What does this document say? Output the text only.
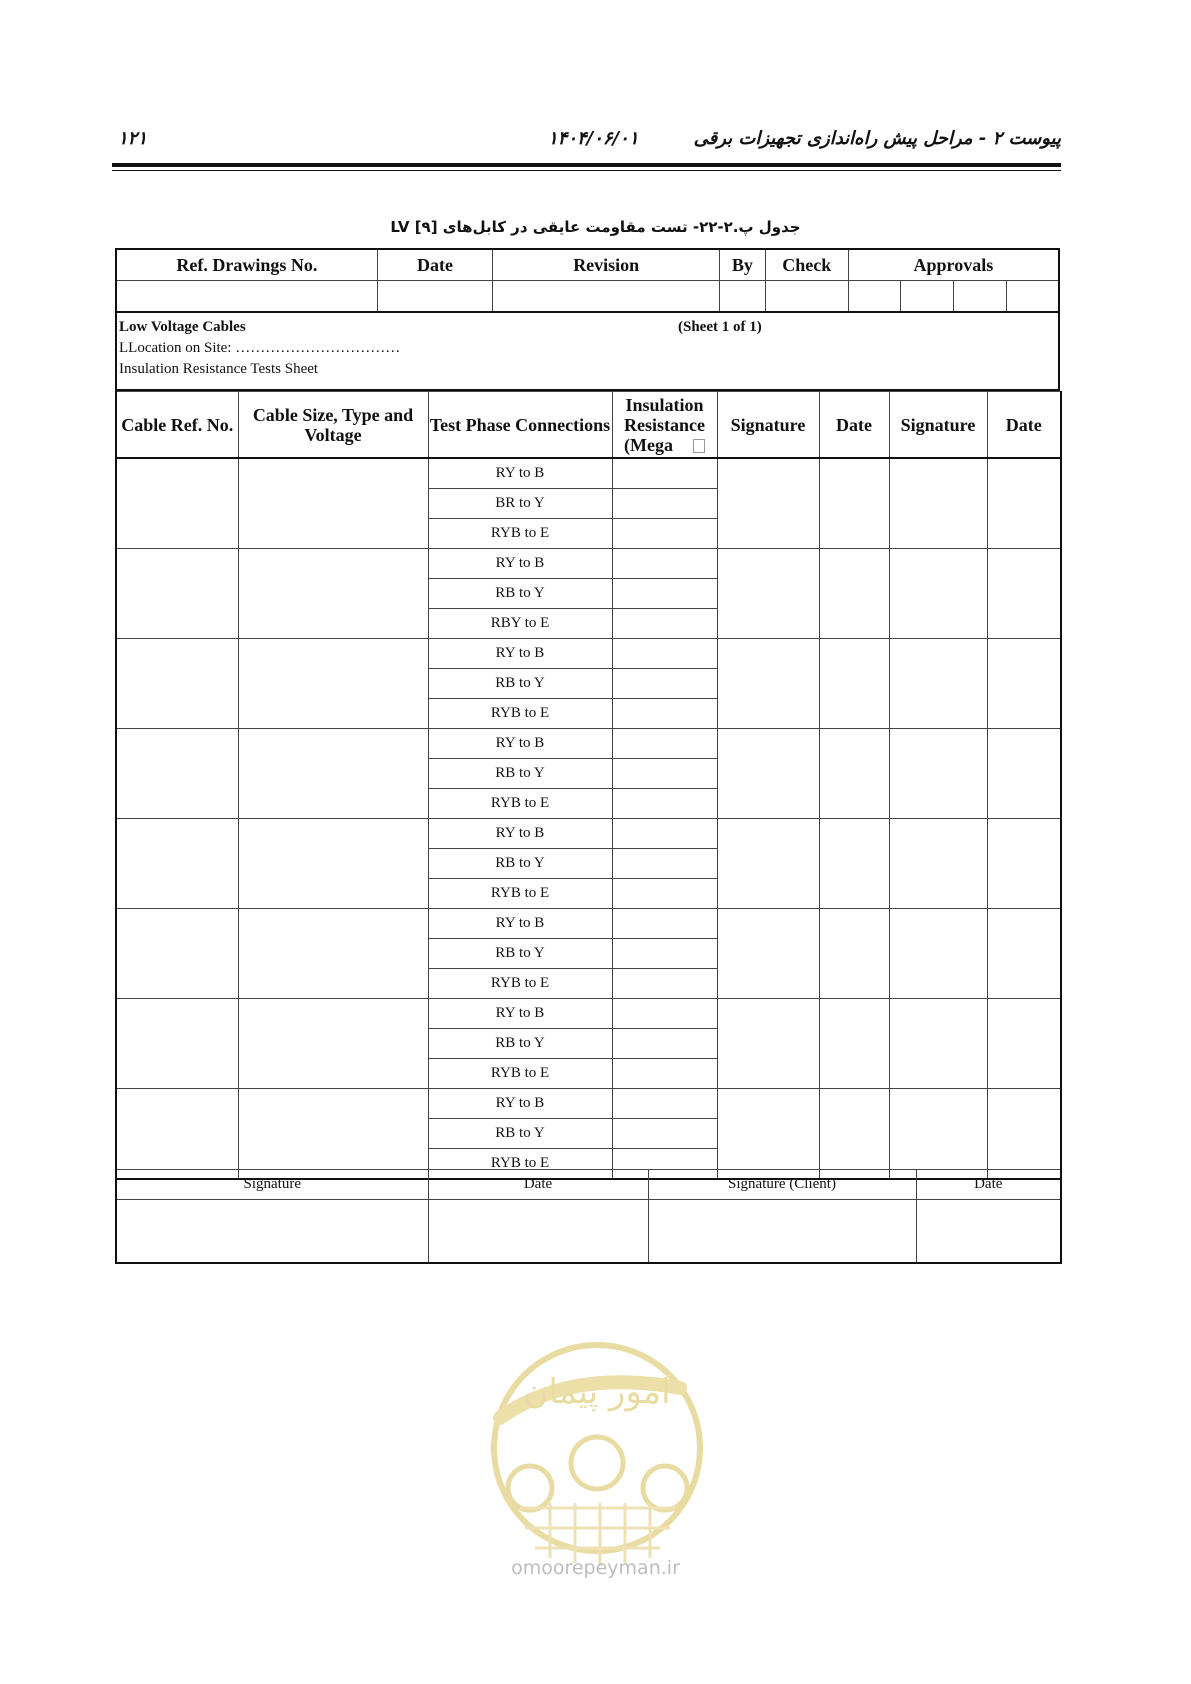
پیوست ۲ - مراحل پیش راه‌اندازی تجهیزات برقی
۱۴۰۴/۰۶/۰۱
۱۲۱
جدول پ.۲-۲۲- تست مقاومت عایقی در کابل‌های LV [۹]
Ref. Drawings No.	Date	Revision	By	Check	Approvals			

Low Voltage Cables	(Sheet 1 of 1)
LLocation on Site: ……………………………
Insulation Resistance Tests Sheet
Cable Ref. No.	Cable Size, Type and Voltage	Test Phase Connections	Insulation Resistance (Mega	Signature	Date	Signature	Date
		RY to B					
		BR to Y					
		RYB to E					
		RY to B					
		RB to Y					
		RBY to E					
		RY to B					
		RB to Y					
		RYB to E					
		RY to B					
		RB to Y					
		RYB to E					
		RY to B					
		RB to Y					
		RYB to E					
		RY to B					
		RB to Y					
		RYB to E					
		RY to B					
		RB to Y					
		RYB to E					
		RY to B					
		RB to Y					
		RYB to E					
Signature	Date	Signature (Client)	Date

امور پیمان
omoorepeyman.ir
